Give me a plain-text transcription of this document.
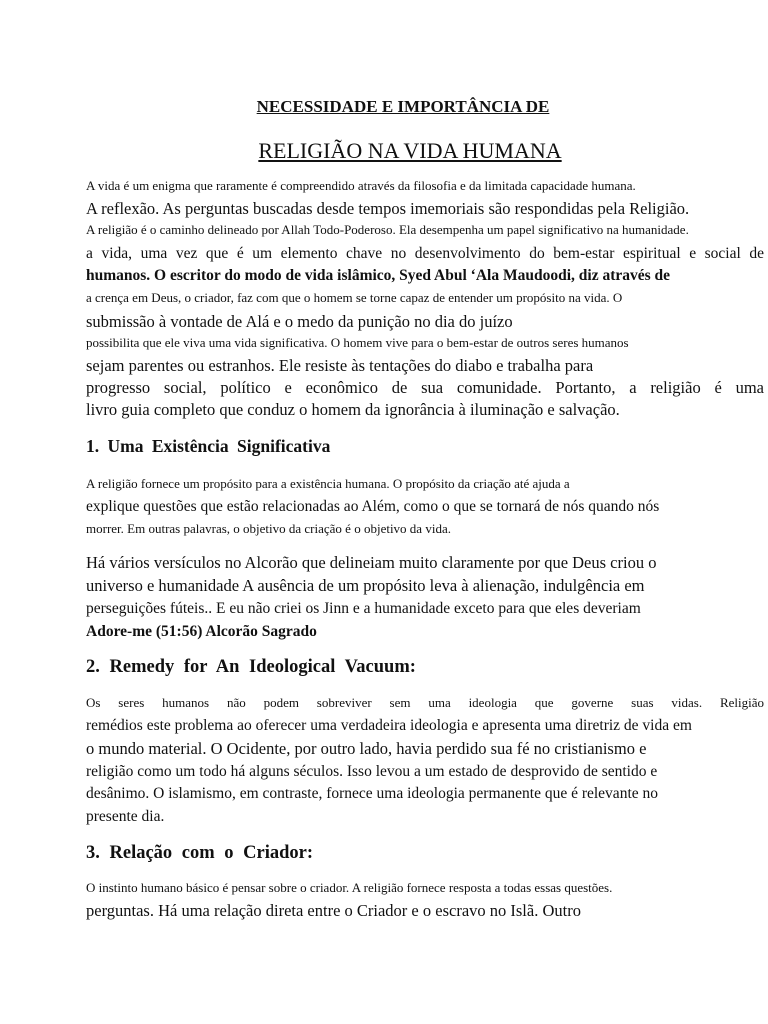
NECESSIDADE E IMPORTÂNCIA DE
RELIGIÃO NA VIDA HUMANA
A vida é um enigma que raramente é compreendido através da filosofia e da limitada capacidade humana.
A reflexão. As perguntas buscadas desde tempos imemoriais são respondidas pela Religião.
A religião é o caminho delineado por Allah Todo-Poderoso. Ela desempenha um papel significativo na humanidade.
a vida, uma vez que é um elemento chave no desenvolvimento do bem-estar espiritual e social de
humanos. O escritor do modo de vida islâmico, Syed Abul ʻAla Maudoodi, diz através de
a crença em Deus, o criador, faz com que o homem se torne capaz de entender um propósito na vida. O
submissão à vontade de Alá e o medo da punição no dia do juízo
possibilita que ele viva uma vida significativa. O homem vive para o bem-estar de outros seres humanos
sejam parentes ou estranhos. Ele resiste às tentações do diabo e trabalha para
progresso social, político e econômico de sua comunidade. Portanto, a religião é uma
livro guia completo que conduz o homem da ignorância à iluminação e salvação.
1. Uma Existência Significativa
A religião fornece um propósito para a existência humana. O propósito da criação até ajuda a
explique questões que estão relacionadas ao Além, como o que se tornará de nós quando nós
morrer. Em outras palavras, o objetivo da criação é o objetivo da vida.
Há vários versículos no Alcorão que delineiam muito claramente por que Deus criou o
universo e humanidade A ausência de um propósito leva à alienação, indulgência em
perseguições fúteis.. E eu não criei os Jinn e a humanidade exceto para que eles deveriam
Adore-me (51:56) Alcorão Sagrado
2. Remedy for An Ideological Vacuum:
Os seres humanos não podem sobreviver sem uma ideologia que governe suas vidas. Religião
remédios este problema ao oferecer uma verdadeira ideologia e apresenta uma diretriz de vida em
o mundo material. O Ocidente, por outro lado, havia perdido sua fé no cristianismo e
religião como um todo há alguns séculos. Isso levou a um estado de desprovido de sentido e
desânimo. O islamismo, em contraste, fornece uma ideologia permanente que é relevante no
presente dia.
3. Relação com o Criador:
O instinto humano básico é pensar sobre o criador. A religião fornece resposta a todas essas questões.
perguntas. Há uma relação direta entre o Criador e o escravo no Islã. Outro
